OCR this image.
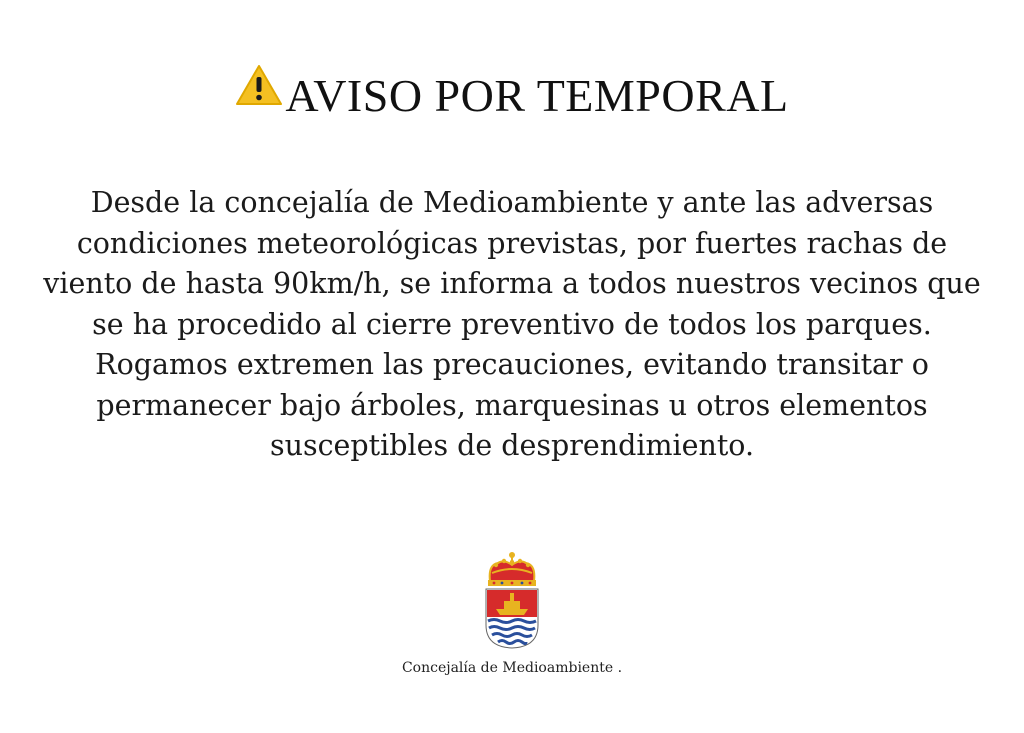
AVISO POR TEMPORAL

Desde la concejalía de Medioambiente y ante las adversas condiciones meteorológicas previstas, por fuertes rachas de viento de hasta 90km/h, se informa a todos nuestros vecinos que se ha procedido al cierre preventivo de todos los parques.

Rogamos extremen las precauciones, evitando transitar o permanecer bajo árboles, marquesinas u otros elementos susceptibles de desprendimiento.

Concejalía de Medioambiente .
